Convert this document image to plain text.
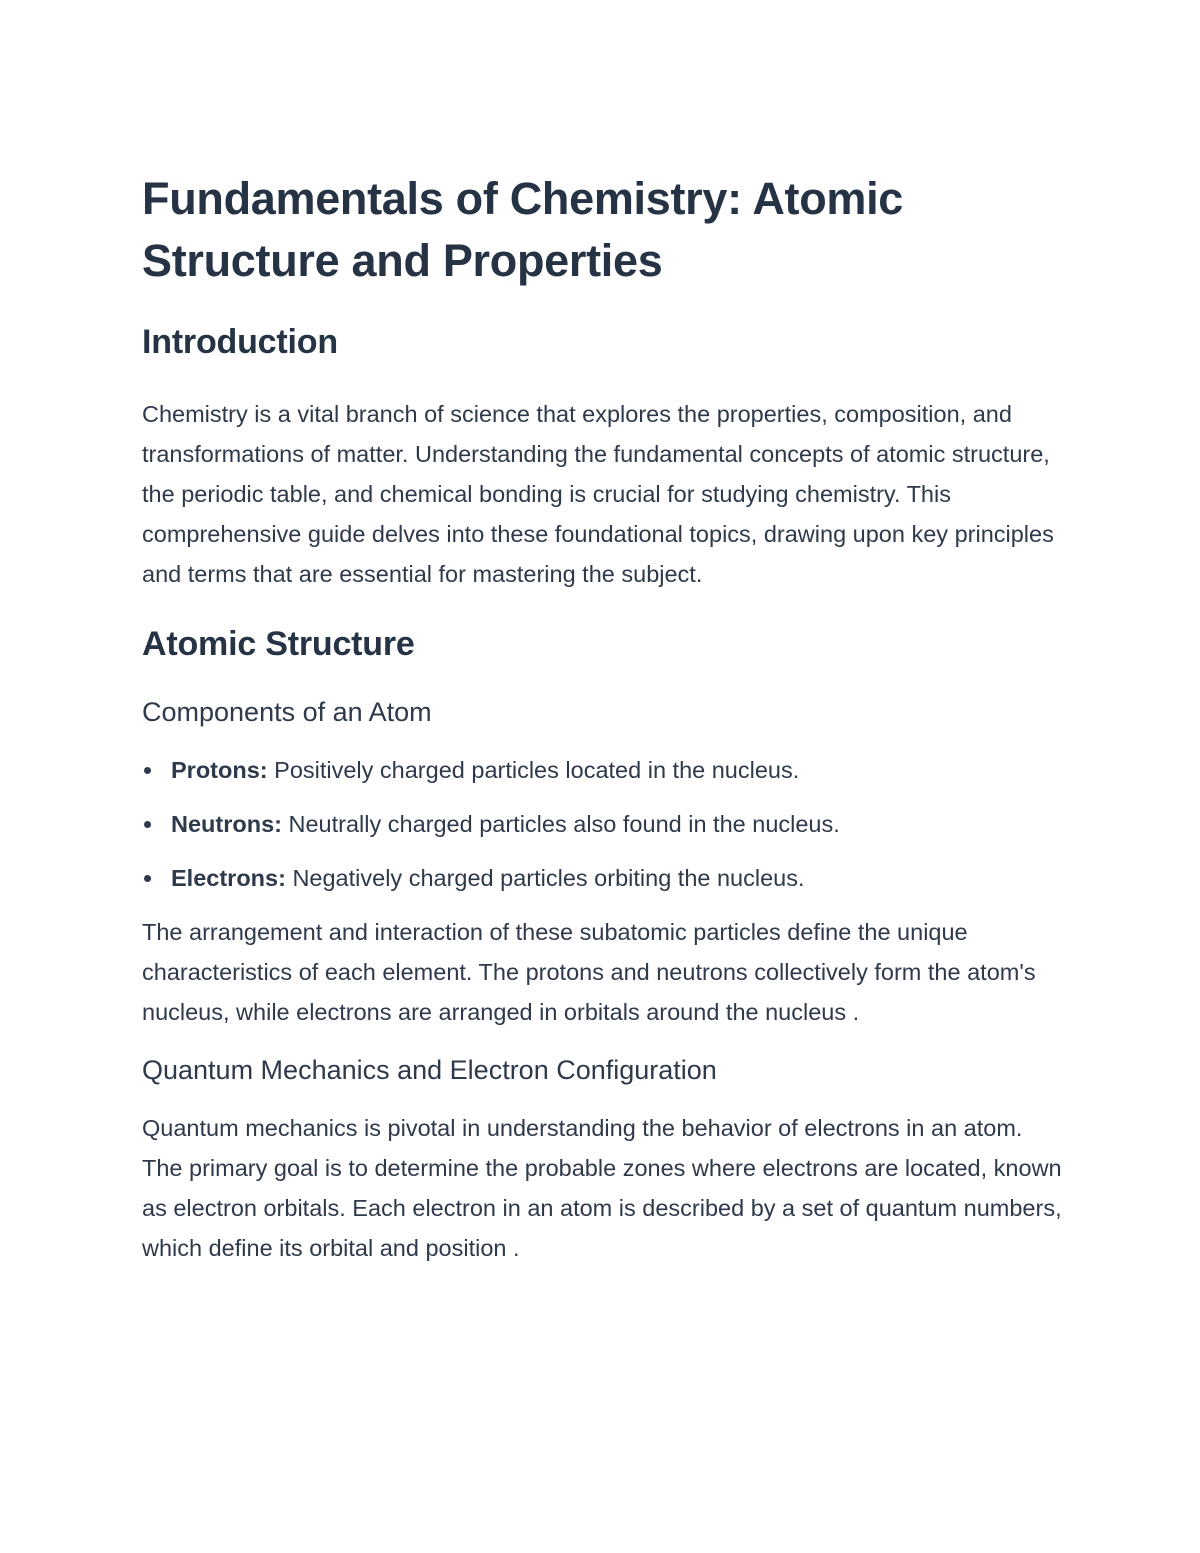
Fundamentals of Chemistry: Atomic Structure and Properties
Introduction

Chemistry is a vital branch of science that explores the properties, composition, and transformations of matter. Understanding the fundamental concepts of atomic structure, the periodic table, and chemical bonding is crucial for studying chemistry. This comprehensive guide delves into these foundational topics, drawing upon key principles and terms that are essential for mastering the subject.

Atomic Structure
Components of an Atom
Protons: Positively charged particles located in the nucleus.
Neutrons: Neutrally charged particles also found in the nucleus.
Electrons: Negatively charged particles orbiting the nucleus.

The arrangement and interaction of these subatomic particles define the unique characteristics of each element. The protons and neutrons collectively form the atom's nucleus, while electrons are arranged in orbitals around the nucleus .

Quantum Mechanics and Electron Configuration

Quantum mechanics is pivotal in understanding the behavior of electrons in an atom. The primary goal is to determine the probable zones where electrons are located, known as electron orbitals. Each electron in an atom is described by a set of quantum numbers, which define its orbital and position .
